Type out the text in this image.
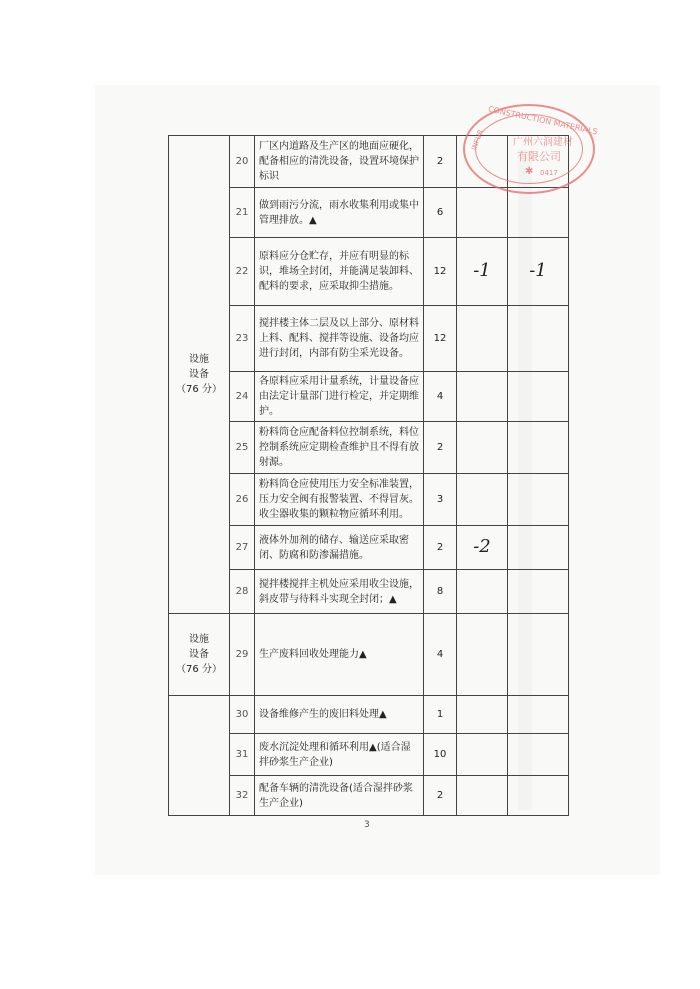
设施
设备
（76 分）	20	厂区内道路及生产区的地面应硬化，配备相应的清洗设备，设置环境保护标识	2		
	21	做到雨污分流，雨水收集利用或集中管理排放。▲	6		
	22	原料应分仓贮存，并应有明显的标识，堆场全封闭，并能满足装卸料、配料的要求，应采取抑尘措施。	12	-1	-1
	23	搅拌楼主体二层及以上部分、原材料上料、配料、搅拌等设施、设备均应进行封闭，内部有防尘采光设备。	12		
	24	各原料应采用计量系统，计量设备应由法定计量部门进行检定，并定期维护。	4		
	25	粉料筒仓应配备料位控制系统，料位控制系统应定期检查维护且不得有放射源。	2		
	26	粉料筒仓应使用压力安全标准装置，压力安全阀有报警装置、不得冒灰。收尘器收集的颗粒物应循环利用。	3		
	27	液体外加剂的储存、输送应采取密闭、防腐和防渗漏措施。	2	-2	
	28	搅拌楼搅拌主机处应采用收尘设施，斜皮带与待料斗实现全封闭；▲	8		

设施
设备
（76 分）	29	生产废料回收处理能力▲	4		
	30	设备维修产生的废旧料处理▲	1		
	31	废水沉淀处理和循环利用▲(适合湿拌砂浆生产企业)	10		
	32	配备车辆的清洗设备(适合湿拌砂浆生产企业)	2		
3
CONSTRUCTION MATERIALS
INFUR	广州六润建材
有限公司
✱ 0417
